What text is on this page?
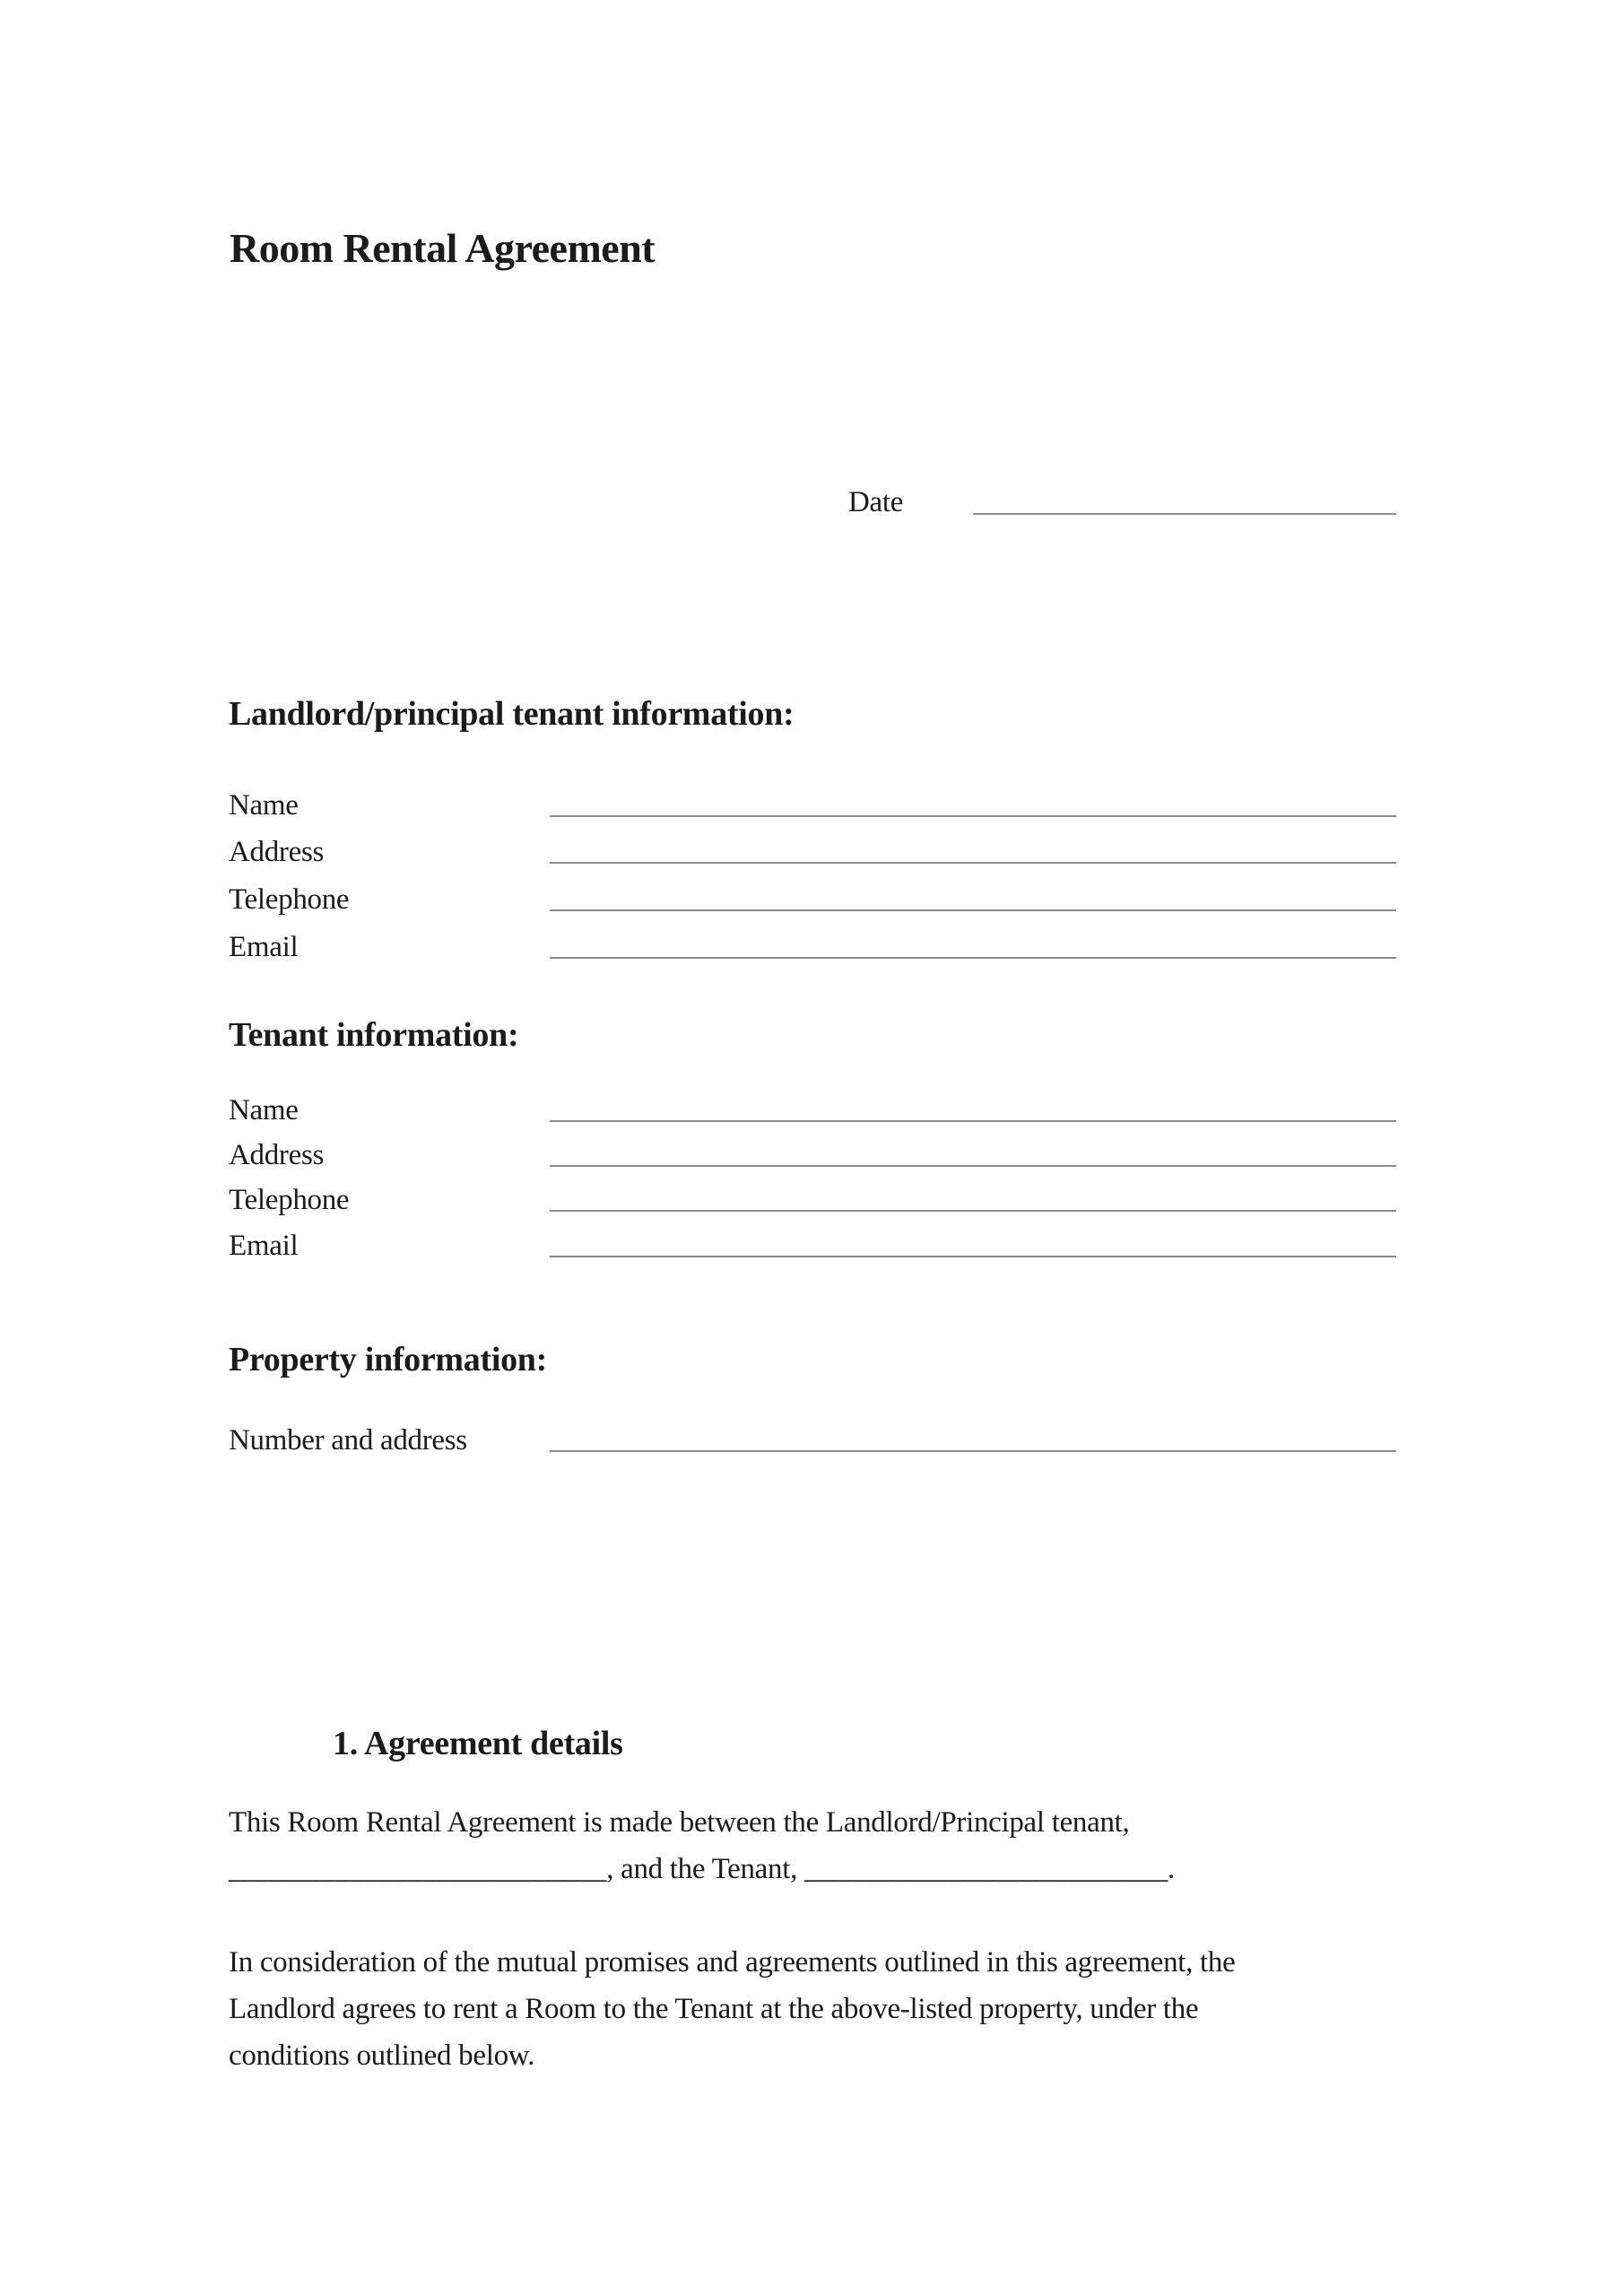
Room Rental Agreement
Date
Landlord/principal tenant information:
Name
Address
Telephone
Email
Tenant information:
Name
Address
Telephone
Email
Property information:
Number and address
1. Agreement details
This Room Rental Agreement is made between the Landlord/Principal tenant,
__________________________, and the Tenant, _________________________.
In consideration of the mutual promises and agreements outlined in this agreement, the
Landlord agrees to rent a Room to the Tenant at the above-listed property, under the
conditions outlined below.
